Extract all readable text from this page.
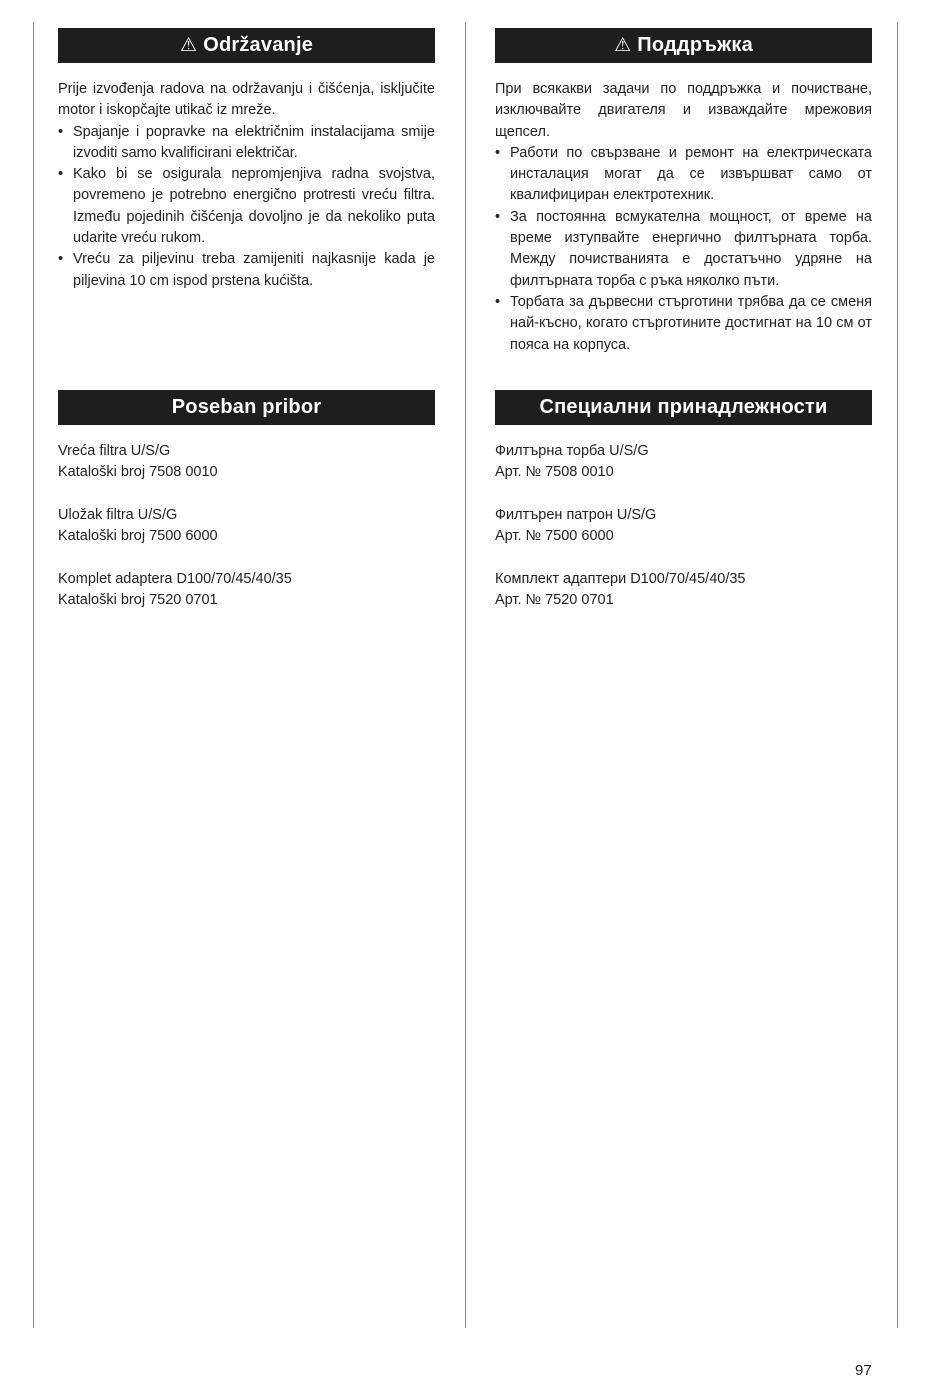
⚠ Održavanje

Prije izvođenja radova na održavanju i čišćenja, isključite motor i iskopčajte utikač iz mreže.

• Spajanje i popravke na električnim instalacijama smije izvoditi samo kvalificirani električar.
• Kako bi se osigurala nepromjenjiva radna svojstva, povremeno je potrebno energično protresti vreću filtra. Između pojedinih čišćenja dovoljno je da nekoliko puta udarite vreću rukom.
• Vreću za piljevinu treba zamijeniti najkasnije kada je piljevina 10 cm ispod prstena kućišta.
⚠ Поддръжка

При всякакви задачи по поддръжка и почистване, изключвайте двигателя и изваждайте мрежовия щепсел.

• Работи по свързване и ремонт на електрическата инсталация могат да се извършват само от квалифициран електротехник.
• За постоянна всмукателна мощност, от време на време изтупвайте енергично филтърната торба. Между почистванията е достатъчно удряне на филтърната торба с ръка няколко пъти.
• Торбата за дървесни стърготини трябва да се сменя най-късно, когато стърготините достигнат на 10 см от пояса на корпуса.
Poseban pribor
Vreća filtra U/S/G
Kataloški broj 7508 0010
Uložak filtra U/S/G
Kataloški broj 7500 6000
Komplet adaptera D100/70/45/40/35
Kataloški broj 7520 0701
Специални принадлежности
Филтърна торба U/S/G
Арт. № 7508 0010
Филтърен патрон U/S/G
Арт. № 7500 6000
Комплект адаптери D100/70/45/40/35
Арт. № 7520 0701
97
